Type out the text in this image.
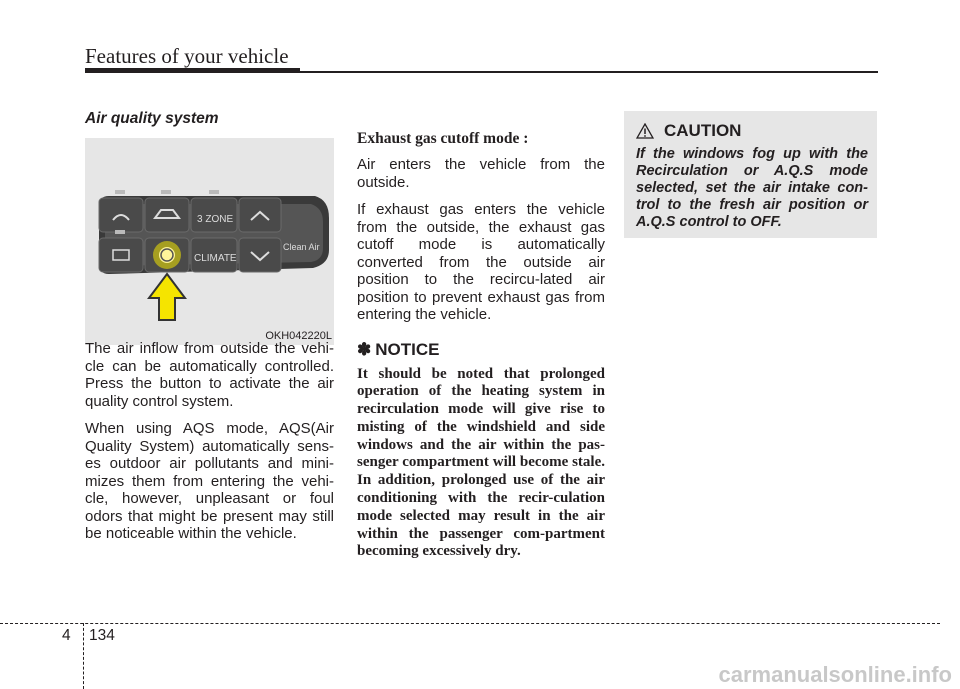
Features of your vehicle

Air quality system

3 ZONE
CLIMATE
Clean Air
OKH042220L

The air inflow from outside the vehi-cle can be automatically controlled. Press the button to activate the air quality control system.

When using AQS mode, AQS(Air Quality System) automatically sens-es outdoor air pollutants and mini-mizes them from entering the vehi-cle, however, unpleasant or foul odors that might be present may still be noticeable within the vehicle.

Exhaust gas cutoff mode :

Air enters the vehicle from the outside.

If exhaust gas enters the vehicle from the outside, the exhaust gas cutoff mode is automatically converted from the outside air position to the recircu-lated air position to prevent exhaust gas from entering the vehicle.

✽ NOTICE

It should be noted that prolonged operation of the heating system in recirculation mode will give rise to misting of the windshield and side windows and the air within the pas-senger compartment will become stale. In addition, prolonged use of the air conditioning with the recir-culation mode selected may result in the air within the passenger com-partment becoming excessively dry.

CAUTION
If the windows fog up with the Recirculation or A.Q.S mode selected, set the air intake con-trol to the fresh air position or A.Q.S control to OFF.
4 134
carmanualsonline.info
